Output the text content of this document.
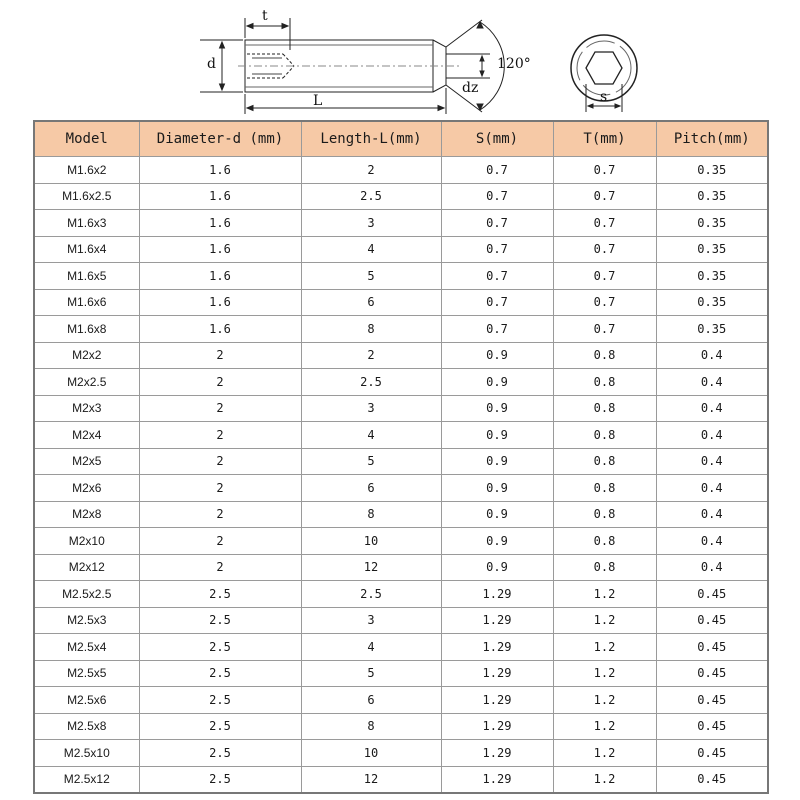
t
d
L
120°
dz
s
Model	Diameter-d (mm)	Length-L(mm)	S(mm)	T(mm)	Pitch(mm)
M1.6x2	1.6	2	0.7	0.7	0.35
M1.6x2.5	1.6	2.5	0.7	0.7	0.35
M1.6x3	1.6	3	0.7	0.7	0.35
M1.6x4	1.6	4	0.7	0.7	0.35
M1.6x5	1.6	5	0.7	0.7	0.35
M1.6x6	1.6	6	0.7	0.7	0.35
M1.6x8	1.6	8	0.7	0.7	0.35
M2x2	2	2	0.9	0.8	0.4
M2x2.5	2	2.5	0.9	0.8	0.4
M2x3	2	3	0.9	0.8	0.4
M2x4	2	4	0.9	0.8	0.4
M2x5	2	5	0.9	0.8	0.4
M2x6	2	6	0.9	0.8	0.4
M2x8	2	8	0.9	0.8	0.4
M2x10	2	10	0.9	0.8	0.4
M2x12	2	12	0.9	0.8	0.4
M2.5x2.5	2.5	2.5	1.29	1.2	0.45
M2.5x3	2.5	3	1.29	1.2	0.45
M2.5x4	2.5	4	1.29	1.2	0.45
M2.5x5	2.5	5	1.29	1.2	0.45
M2.5x6	2.5	6	1.29	1.2	0.45
M2.5x8	2.5	8	1.29	1.2	0.45
M2.5x10	2.5	10	1.29	1.2	0.45
M2.5x12	2.5	12	1.29	1.2	0.45
